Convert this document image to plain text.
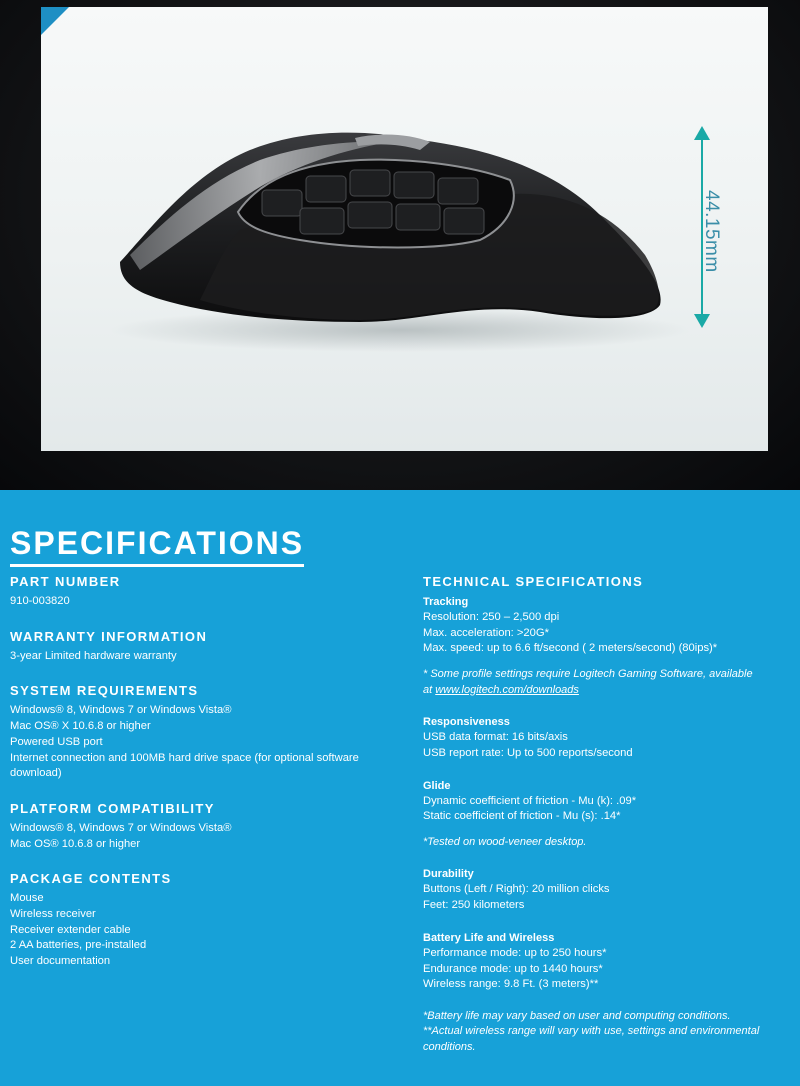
44.15mm
SPECIFICATIONS
PART NUMBER

910-003820

WARRANTY INFORMATION

3-year Limited hardware warranty

SYSTEM REQUIREMENTS

Windows® 8, Windows 7 or Windows Vista®

Mac OS® X 10.6.8 or higher

Powered USB port

Internet connection and 100MB hard drive space (for optional software

download)

PLATFORM COMPATIBILITY

Windows® 8, Windows 7 or Windows Vista®

Mac OS® 10.6.8 or higher

PACKAGE CONTENTS

Mouse

Wireless receiver

Receiver extender cable

2 AA batteries, pre-installed

User documentation

TECHNICAL SPECIFICATIONS

Tracking

Resolution: 250 – 2,500 dpi

Max. acceleration: >20G*

Max. speed: up to 6.6 ft/second ( 2 meters/second) (80ips)*

* Some profile settings require Logitech Gaming Software, available

at www.logitech.com/downloads

Responsiveness

USB data format: 16 bits/axis

USB report rate: Up to 500 reports/second

Glide

Dynamic coefficient of friction - Mu (k): .09*

Static coefficient of friction - Mu (s): .14*

*Tested on wood-veneer desktop.

Durability

Buttons (Left / Right): 20 million clicks

Feet: 250 kilometers

Battery Life and Wireless

Performance mode: up to 250 hours*

Endurance mode: up to 1440 hours*

Wireless range: 9.8 Ft. (3 meters)**

*Battery life may vary based on user and computing conditions.

**Actual wireless range will vary with use, settings and environmental

conditions.
